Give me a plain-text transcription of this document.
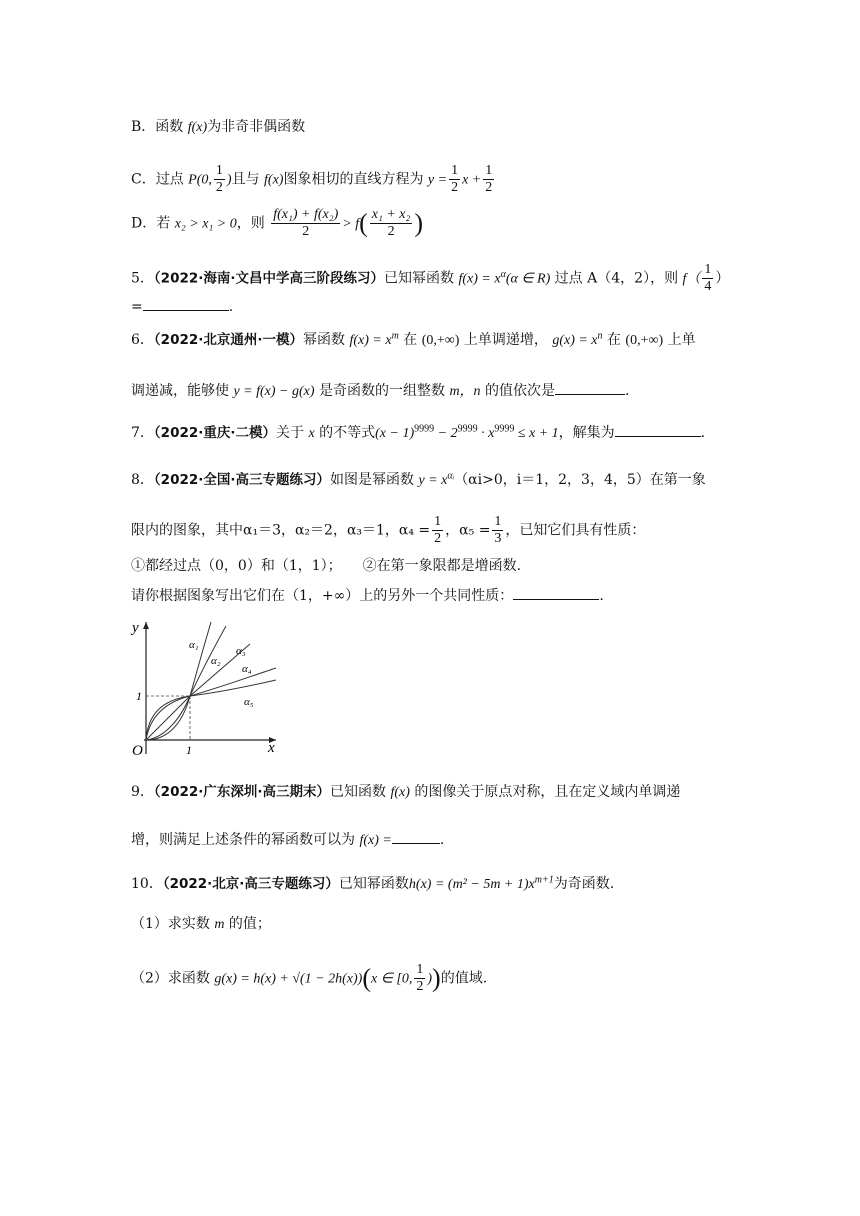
B．函数 f(x)为非奇非偶函数
C．过点 P(0, $\frac{1}{2}$ )且与 f(x)图象相切的直线方程为 $y = \frac{1}{2}$ $x + \frac{1}{2}$
D．若 x₂ > x₁ > 0，则 $\frac{\text{f(x₁) + f(x₂)}}{2} > f( \frac{\text{x₁ + x₂}}{2}$ )
5．（2022·海南·文昌中学高三阶段练习）已知幂函数 $f(x) = x^\alpha(\alpha$ ∈ R) 过点 A（4，2），则 $f( \frac{1}{4}$ ）
=	.
6．（2022·北京通州·一模）幂函数 $f(x) = x^m$ 在 (0,+∞) 上单调递增， $g(x) = x^n$ 在 (0,+∞) 上单
调递减，能够使 y = f(x) − g(x) 是奇函数的一组整数 m，n 的值依次是	.
7．（2022·重庆·二模）关于 x 的不等式$(x - 1)^{9999} - 2^{9999} \cdot x^{9999} \le x + 1$，解集为	.
8．（2022·全国·高三专题练习）如图是幂函数 $y = x^{\alpha ᵢ}(\alpha i>0$，i＝1，2，3，4，5）在第一象
限内的图象，其中α₁＝3，α₂＝2，α₃＝1，$\alpha_4 = \frac{1}{2}$ ，$\alpha_5 = \frac{1}{3}$ ，已知它们具有性质：
①都经过点（0，0）和（1，1）；　　②在第一象限都是增函数.
请你根据图象写出它们在（1，+∞）上的另外一个共同性质：	.
y
x
O	1
1
α₁
α₂
α₃
α₄
α₅
9．（2022·广东深圳·高三期末）已知函数 f(x) 的图像关于原点对称，且在定义域内单调递
增，则满足上述条件的幂函数可以为 f(x) =	.
10．（2022·北京·高三专题练习）已知幂函数$h(x) = (m^2 - 5m + 1)x^{m+1}$为奇函数.
（1）求实数 m 的值；
（2）求函数 g(x) = h(x) + √(1 − 2h(x))(x ∈ [0, $\frac{1}{2}$ ))的值域.
